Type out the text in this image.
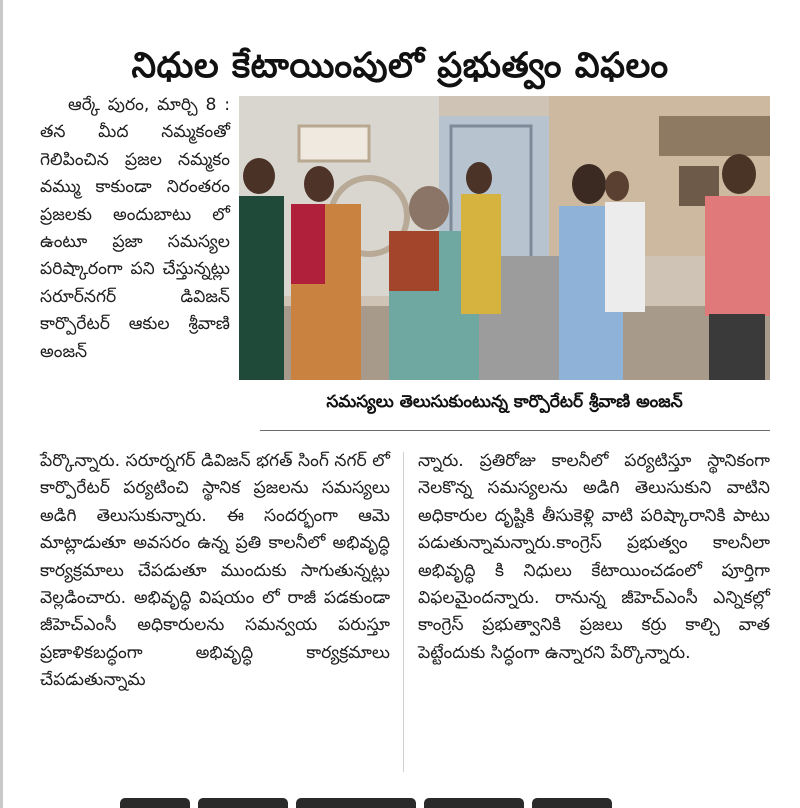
నిధుల కేటాయింపులో ప్రభుత్వం విఫలం

ఆర్కే పురం, మార్చి 8 : తన మీద నమ్మకంతో గెలిపించిన ప్రజల నమ్మకం వమ్ము కాకుండా నిరంతరం ప్రజలకు అందుబాటు లో ఉంటూ ప్రజా సమస్యల పరిష్కారంగా పని చేస్తున్నట్లు సరూర్‌నగర్ డివిజన్ కార్పొరేటర్ ఆకుల శ్రీవాణి అంజన్

సమస్యలు తెలుసుకుంటున్న కార్పొరేటర్ శ్రీవాణి అంజన్

పేర్కొన్నారు. సరూర్నగర్ డివిజన్ భగత్ సింగ్ నగర్ లో కార్పొరేటర్ పర్యటించి స్థానిక ప్రజలను సమస్యలు అడిగి తెలుసుకున్నారు. ఈ సందర్భంగా ఆమె మాట్లాడుతూ అవసరం ఉన్న ప్రతి కాలనీలో అభివృద్ధి కార్యక్రమాలు చేపడుతూ ముందుకు సాగుతున్నట్లు వెల్లడించారు. అభివృద్ధి విషయం లో రాజీ పడకుండా జీహెచ్ఎంసీ అధికారులను సమన్వయ పరుస్తూ ప్రణాళికబద్ధంగా అభివృద్ధి కార్యక్రమాలు చేపడుతున్నామ

న్నారు. ప్రతిరోజు కాలనీలో పర్యటిస్తూ స్థానికంగా నెలకొన్న సమస్యలను అడిగి తెలుసుకుని వాటిని అధికారుల దృష్టికి తీసుకెళ్లి వాటి పరిష్కారానికి పాటు పడుతున్నామన్నారు.కాంగ్రెస్ ప్రభుత్వం కాలనీలా అభివృద్ధి కి నిధులు కేటాయించడంలో పూర్తిగా విఫలమైందన్నారు. రానున్న జీహెచ్ఎంసీ ఎన్నికల్లో కాంగ్రెస్ ప్రభుత్వానికి ప్రజలు కర్రు కాల్చి వాత పెట్టేందుకు సిద్ధంగా ఉన్నారని పేర్కొన్నారు.
